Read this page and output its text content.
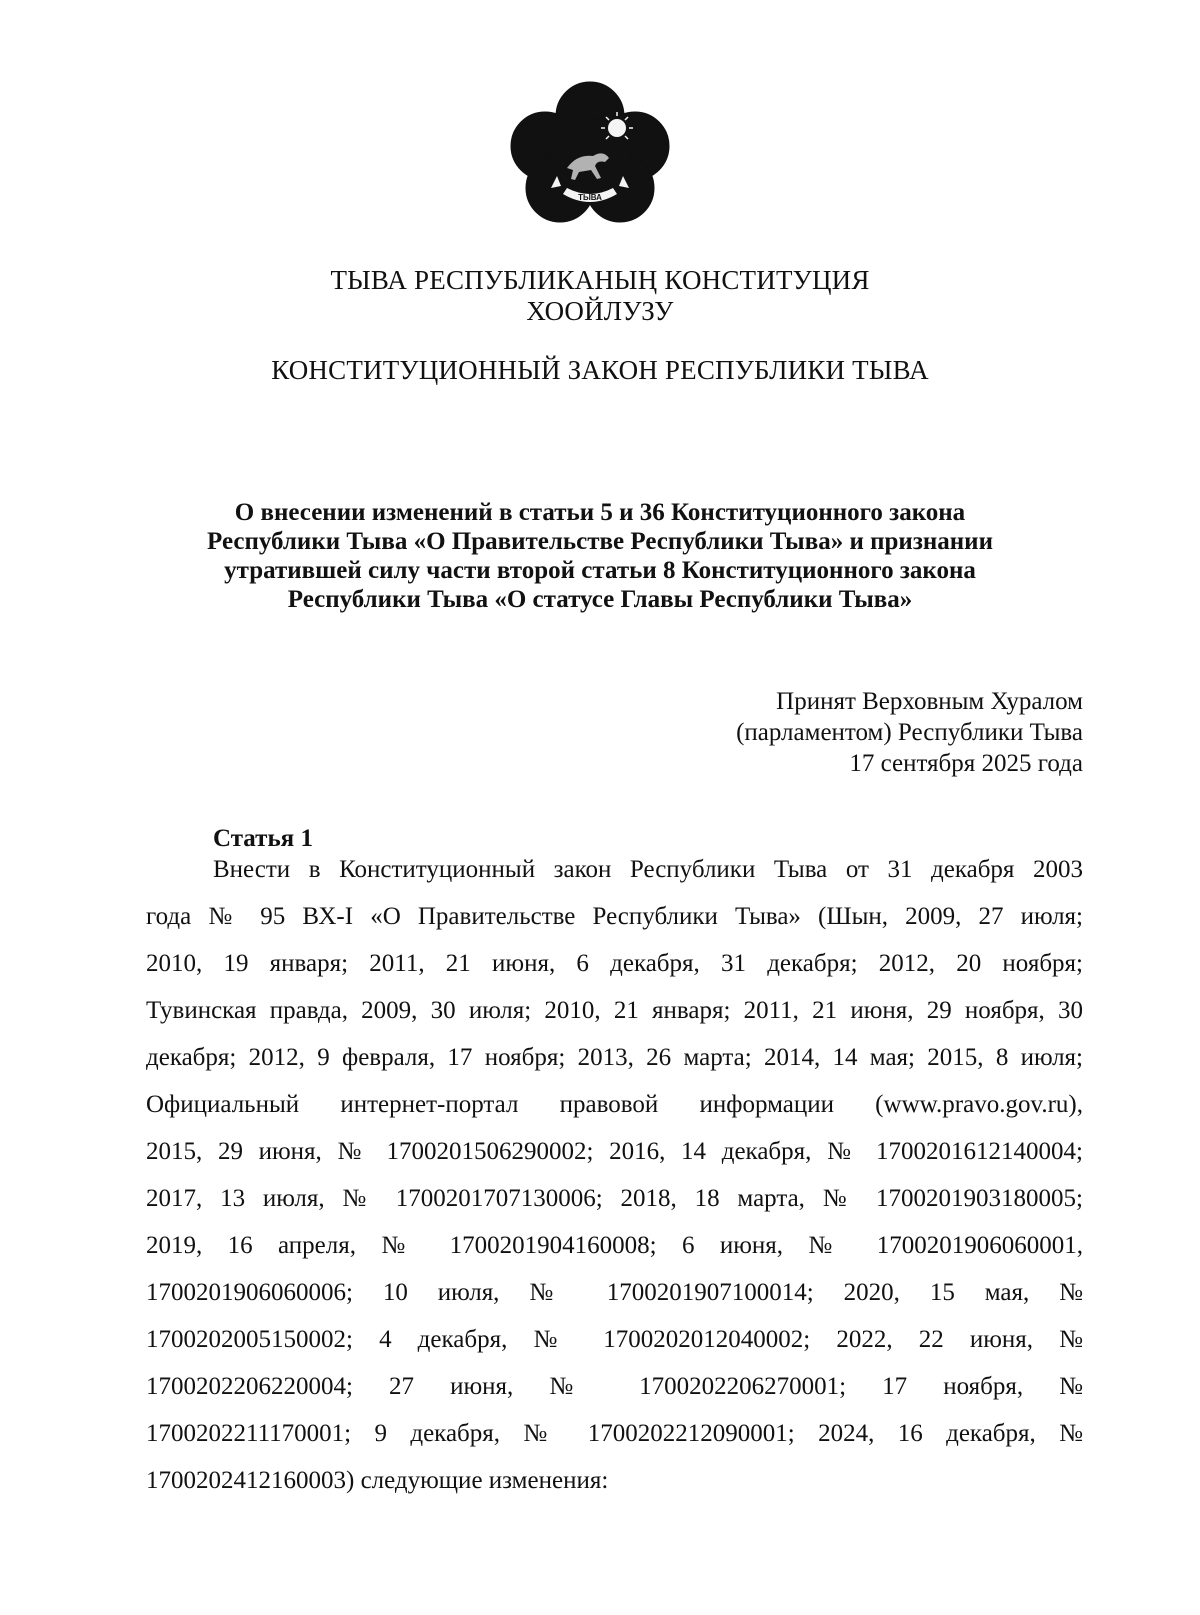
ТЫВА
ТЫВА РЕСПУБЛИКАНЫҢ КОНСТИТУЦИЯ
ХООЙЛУЗУ
КОНСТИТУЦИОННЫЙ ЗАКОН РЕСПУБЛИКИ ТЫВА
О внесении изменений в статьи 5 и 36 Конституционного закона
Республики Тыва «О Правительстве Республики Тыва» и признании
утратившей силу части второй статьи 8 Конституционного закона
Республики Тыва «О статусе Главы Республики Тыва»
Принят Верховным Хуралом
(парламентом) Республики Тыва
17 сентября 2025 года
Статья 1
Внести в Конституционный закон Республики Тыва от 31 декабря 2003
года № 95 ВХ-I «О Правительстве Республики Тыва» (Шын, 2009, 27 июля;
2010, 19 января; 2011, 21 июня, 6 декабря, 31 декабря; 2012, 20 ноября;
Тувинская правда, 2009, 30 июля; 2010, 21 января; 2011, 21 июня, 29 ноября, 30
декабря; 2012, 9 февраля, 17 ноября; 2013, 26 марта; 2014, 14 мая; 2015, 8 июля;
Официальный интернет-портал правовой информации (www.pravo.gov.ru),
2015, 29 июня, № 1700201506290002; 2016, 14 декабря, № 1700201612140004;
2017, 13 июля, № 1700201707130006; 2018, 18 марта, № 1700201903180005;
2019, 16 апреля, № 1700201904160008; 6 июня, № 1700201906060001,
1700201906060006; 10 июля, № 1700201907100014; 2020, 15 мая, №
1700202005150002; 4 декабря, № 1700202012040002; 2022, 22 июня, №
1700202206220004; 27 июня, № 1700202206270001; 17 ноября, №
1700202211170001; 9 декабря, № 1700202212090001; 2024, 16 декабря, №
1700202412160003) следующие изменения:
